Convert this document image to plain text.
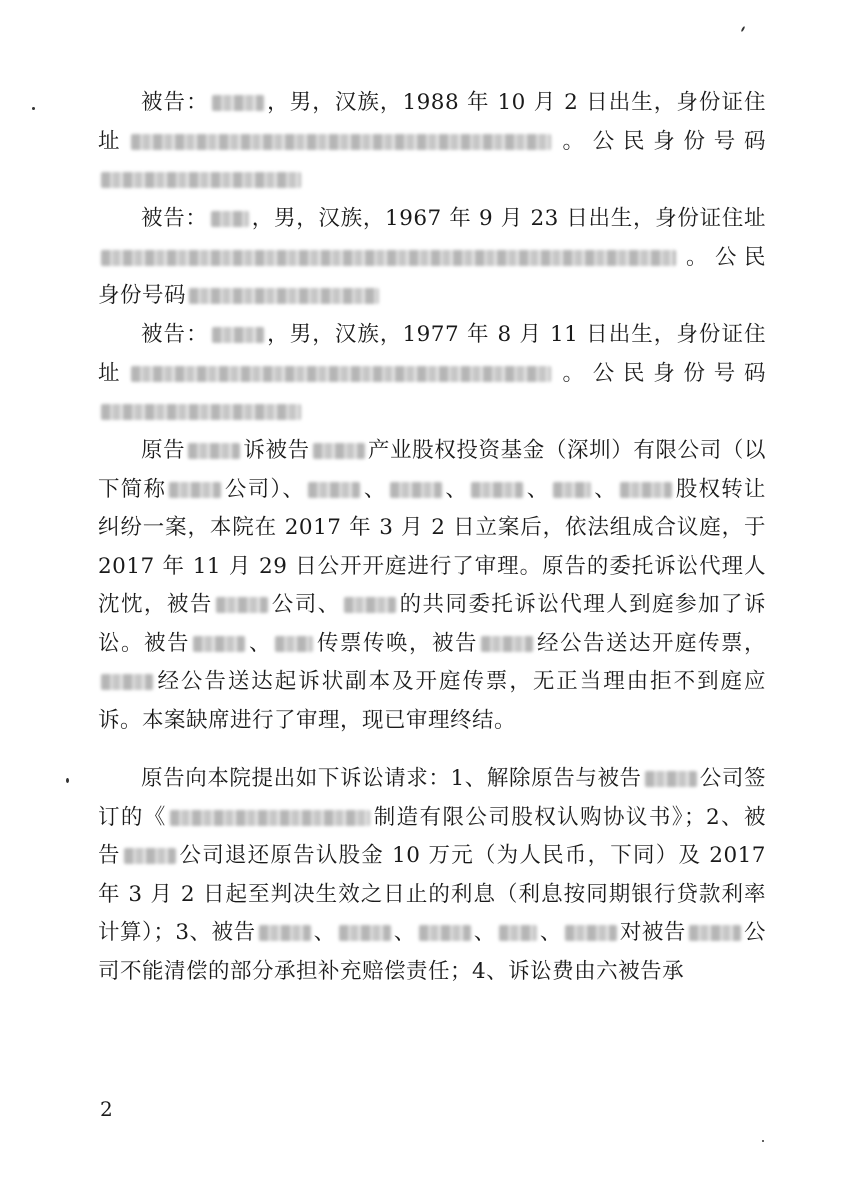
被告：	，男，汉族，1988 年 10 月 2 日出生，身份证住址	。公民身份号码

被告： ，男，汉族，1967 年 9 月 23 日出生，身份证住址。公民身份号码

被告：	，男，汉族，1977 年 8 月 11 日出生，身份证住址	。公民身份号码

原告	诉被告	产业股权投资基金（深圳）有限公司（以下简称	公司）、	、	、	、 、	股权转让纠纷一案，本院在 2017 年 3 月 2 日立案后，依法组成合议庭，于 2017 年 11 月 29 日公开开庭进行了审理。原告的委托诉讼代理人沈忱，被告	公司、	的共同委托诉讼代理人到庭参加了诉讼。被告	、 传票传唤，被告	经公告送达开庭传票，经公告送达起诉状副本及开庭传票，无正当理由拒不到庭应诉。本案缺席进行了审理，现已审理终结。

原告向本院提出如下诉讼请求：1、解除原告与被告	公司签订的《	制造有限公司股权认购协议书》；2、被告	公司退还原告认股金 10 万元（为人民币，下同）及 2017 年 3 月 2 日起至判决生效之日止的利息（利息按同期银行贷款利率计算）；3、被告	、	、	、 、	对被告	公司不能清偿的部分承担补充赔偿责任；4、诉讼费由六被告承

2
